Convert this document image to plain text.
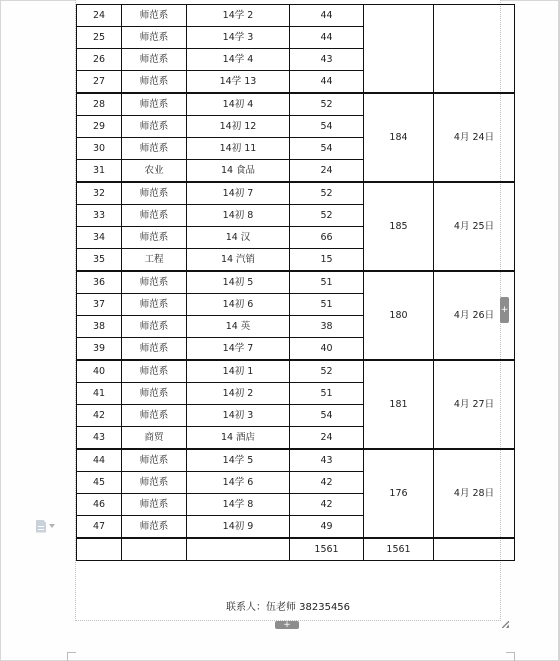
24	师范系	14学 2	44		
25	师范系	14学 3	44		
26	师范系	14学 4	43		
27	师范系	14学 13	44		
28	师范系	14初 4	52	184	4月 24日
29	师范系	14初 12	54		
30	师范系	14初 11	54		
31	农业	14 食品	24		
32	师范系	14初 7	52	185	4月 25日
33	师范系	14初 8	52		
34	师范系	14 汉	66		
35	工程	14 汽销	15		
36	师范系	14初 5	51	180	4月 26日
37	师范系	14初 6	51		
38	师范系	14 英	38		
39	师范系	14学 7	40		
40	师范系	14初 1	52	181	4月 27日
41	师范系	14初 2	51		
42	师范系	14初 3	54		
43	商贸	14 酒店	24		
44	师范系	14学 5	43	176	4月 28日
45	师范系	14学 6	42		
46	师范系	14学 8	42		
47	师范系	14初 9	49		
			1561	1561	
联系人：伍老师 38235456
+
+
